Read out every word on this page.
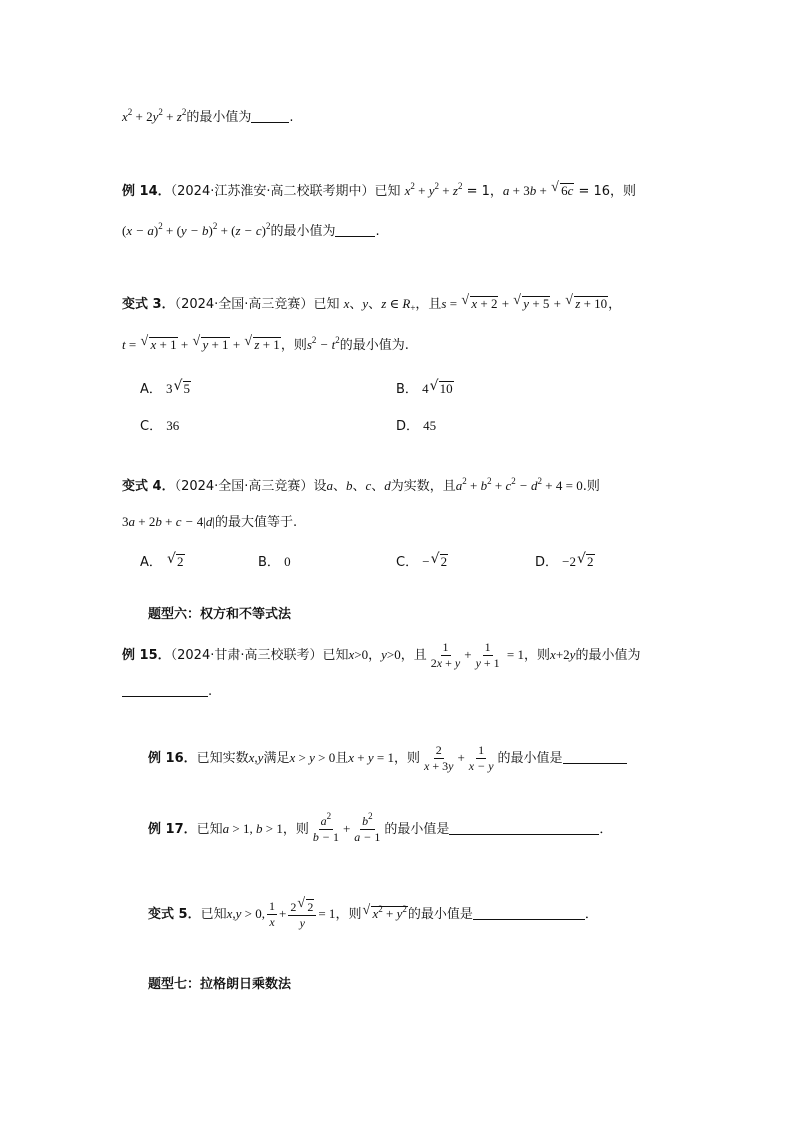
$x^2 + 2y^2 + z^2$的最小值为	.
例 14．（2024·江苏淮安·高二校联考期中）已知 $x^2 + y^2 + z^2 = 1$，a + 3b + √ 6c = 16，则
$(x - a)^2 + (y - b)^2 + (z - c)^2$的最小值为	.
变式 3．（2024·全国·高三竞赛）已知 x、y、z ∈ $R_+$，且s = √ x + 2 + √ y + 5 + √ z + 10，
t = √ x + 1 + √ y + 1 + √ z + 1，则$s^2 - t^2$的最小值为.
A． 3 √ 5	B． 4 √ 10
C． 36	D． 45
变式 4．（2024·全国·高三竞赛）设a、b、c、d为实数，且$a^2 + b^2 + c^2 - d^2 + 4 = 0$.则
3a + 2b + c − 4|d|的最大值等于.
A． √ 2	B． 0	C． − √ 2	D． −2 √ 2
题型六：权方和不等式法
例 15．（2024·甘肃·高三校联考）已知x>0，y>0，且 $\frac{1}{2x + y} + \frac{1}{y + 1} = 1$，则x+2y的最小值为
.
例 16．已知实数x,y满足x > y > 0且x + y = 1，则 $\frac{2}{x + 3y} + \frac{1}{x - y}$ 的最小值是
例 17．已知a > 1, b > 1，则 $\frac{a^2}{b - 1} + \frac{b^2}{a - 1}$ 的最小值是	．
变式 5．已知x,y > 0, $\frac{1}{x} + \frac{2 √ 2}{y} = 1$，则 √ $x^2 + y^2$的最小值是	．
题型七：拉格朗日乘数法
